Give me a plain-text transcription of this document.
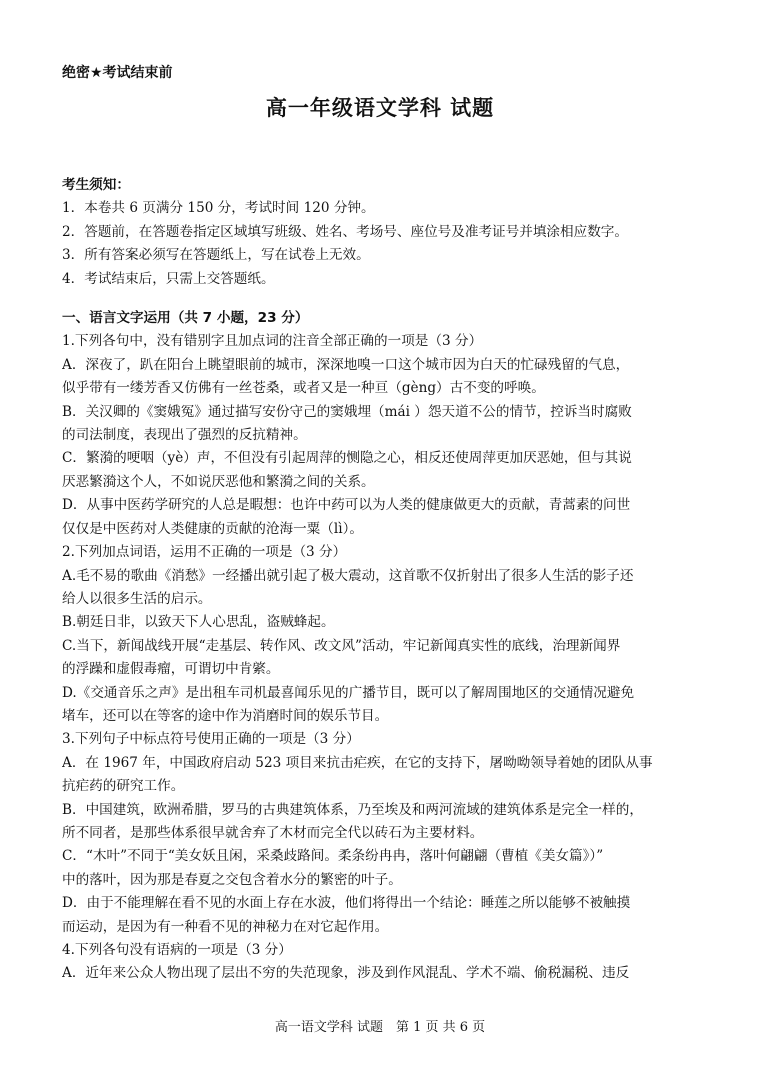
绝密★考试结束前
高一年级语文学科 试题
考生须知：
1．本卷共 6 页满分 150 分，考试时间 120 分钟。
2．答题前，在答题卷指定区域填写班级、姓名、考场号、座位号及准考证号并填涂相应数字。
3．所有答案必须写在答题纸上，写在试卷上无效。
4．考试结束后，只需上交答题纸。
一、语言文字运用（共 7 小题，23 分）
1.下列各句中，没有错别字且加点词的注音全部正确的一项是（3 分）
A．深夜了，趴在阳台上眺望眼前的城市，深深地嗅一口这个城市因为白天的忙碌残留的气息，
似乎带有一缕芳香又仿佛有一丝苍桑，或者又是一种亘（gèng）古不变的呼唤。
B．关汉卿的《窦娥冤》通过描写安份守己的窦娥埋（mái ）怨天道不公的情节，控诉当时腐败
的司法制度，表现出了强烈的反抗精神。
C．繁漪的哽咽（yè）声，不但没有引起周萍的恻隐之心，相反还使周萍更加厌恶她，但与其说
厌恶繁漪这个人，不如说厌恶他和繁漪之间的关系。
D．从事中医药学研究的人总是暇想：也许中药可以为人类的健康做更大的贡献，青蒿素的问世
仅仅是中医药对人类健康的贡献的沧海一粟（lì）。
2.下列加点词语，运用不正确的一项是（3 分）
A.毛不易的歌曲《消愁》一经播出就引起了极大震动，这首歌不仅折射出了很多人生活的影子还
给人以很多生活的启示。
B.朝廷日非，以致天下人心思乱，盗贼蜂起。
C.当下，新闻战线开展“走基层、转作风、改文风”活动，牢记新闻真实性的底线，治理新闻界
的浮躁和虚假毒瘤，可谓切中肯綮。
D.《交通音乐之声》是出租车司机最喜闻乐见的广播节目，既可以了解周围地区的交通情况避免
堵车，还可以在等客的途中作为消磨时间的娱乐节目。
3.下列句子中标点符号使用正确的一项是（3 分）
A．在 1967 年，中国政府启动 523 项目来抗击疟疾，在它的支持下，屠呦呦领导着她的团队从事
抗疟药的研究工作。
B．中国建筑，欧洲希腊，罗马的古典建筑体系，乃至埃及和两河流域的建筑体系是完全一样的，
所不同者，是那些体系很早就舍弃了木材而完全代以砖石为主要材料。
C．“木叶”不同于“美女妖且闲，采桑歧路间。柔条纷冉冉，落叶何翩翩（曹植《美女篇》）”
中的落叶，因为那是春夏之交包含着水分的繁密的叶子。
D．由于不能理解在看不见的水面上存在水波，他们将得出一个结论：睡莲之所以能够不被触摸
而运动，是因为有一种看不见的神秘力在对它起作用。
4.下列各句没有语病的一项是（3 分）
A．近年来公众人物出现了层出不穷的失范现象，涉及到作风混乱、学术不端、偷税漏税、违反
高一语文学科 试题　第 1 页 共 6 页
